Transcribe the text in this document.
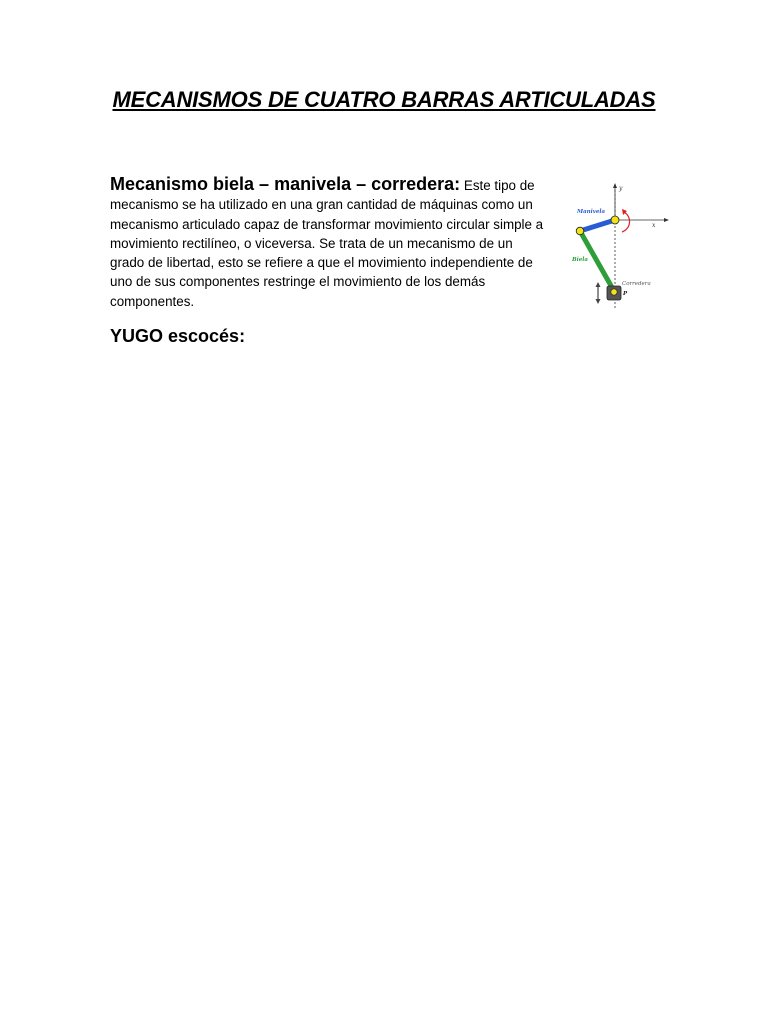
MECANISMOS DE CUATRO BARRAS ARTICULADAS

Mecanismo biela – manivela – corredera: Este tipo de mecanismo se ha utilizado en una gran cantidad de máquinas como un mecanismo articulado capaz de transformar movimiento circular simple a movimiento rectilíneo, o viceversa. Se trata de un mecanismo de un grado de libertad, esto se refiere a que el movimiento independiente de uno de sus componentes restringe el movimiento de los demás componentes.

y
x
Manivela
Biela
Corredera
P
YUGO escocés:
